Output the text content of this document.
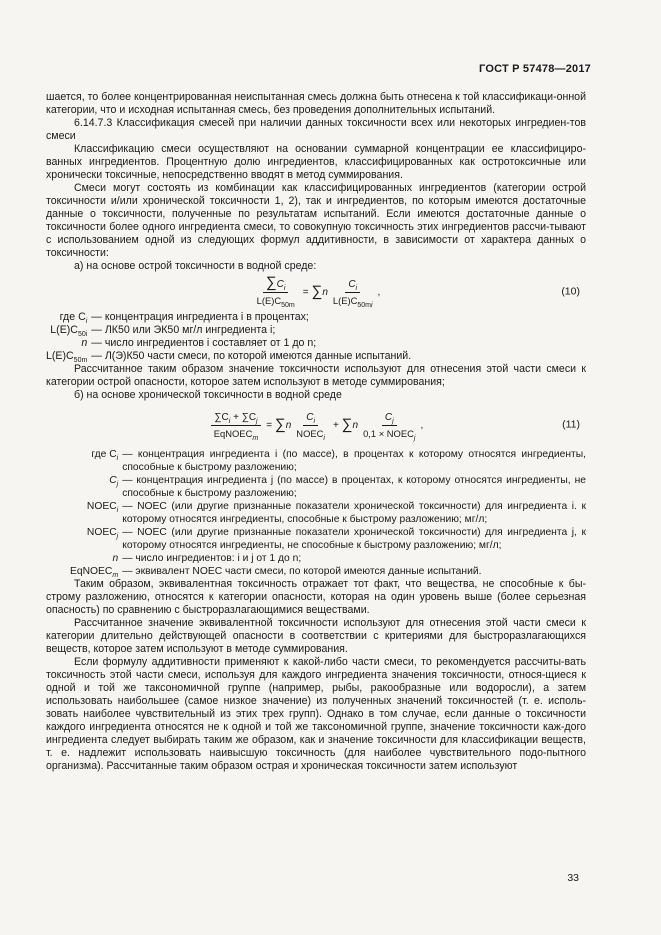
ГОСТ Р 57478—2017

шается, то более концентрированная неиспытанная смесь должна быть отнесена к той классификаци-онной категории, что и исходная испытанная смесь, без проведения дополнительных испытаний.

6.14.7.3 Классификация смесей при наличии данных токсичности всех или некоторых ингредиен-тов смеси

Классификацию смеси осуществляют на основании суммарной концентрации ее классифициро-ванных ингредиентов. Процентную долю ингредиентов, классифицированных как остротоксичные или хронически токсичные, непосредственно вводят в метод суммирования.

Смеси могут состоять из комбинации как классифицированных ингредиентов (категории острой токсичности и/или хронической токсичности 1, 2), так и ингредиентов, по которым имеются достаточные данные о токсичности, полученные по результатам испытаний. Если имеются достаточные данные о токсичности более одного ингредиента смеси, то совокупную токсичность этих ингредиентов рассчи-тывают с использованием одной из следующих формул аддитивности, в зависимости от характера данных о токсичности:

а) на основе острой токсичности в водной среде:

$\frac{\sum C_i}{L(E)C_{50m}}$ = ∑ n $\frac{C_i}{L(E)C_{50mi}}$ ,	(10)
где $C_i$ — концентрация ингредиента i в процентах;
$L(E)C_{50i}$ — ЛК50 или ЭК50 мг/л ингредиента i;
n — число ингредиентов i составляет от 1 до n;
$L(E)C_{50m}$ — Л(Э)К50 части смеси, по которой имеются данные испытаний.

Рассчитанное таким образом значение токсичности используют для отнесения этой части смеси к категории острой опасности, которое затем используют в методе суммирования;

б) на основе хронической токсичности в водной среде

$\frac{\sum C_i + \sum C_j}{EqNOEC_m}$ = ∑ n $\frac{C_i}{NOEC_i}$ + ∑ n $\frac{C_j}{0,1 \times NOEC_j}$ ,	(11)
где $C_i$ — концентрация ингредиента i (по массе), в процентах к которому относятся ингредиенты, способные к быстрому разложению;
$C_j$ — концентрация ингредиента j (по массе) в процентах, к которому относятся ингредиенты, не способные к быстрому разложению;
$NOEC_i$ — NOEC (или другие признанные показатели хронической токсичности) для ингредиента i. к которому относятся ингредиенты, способные к быстрому разложению; мг/л;
$NOEC_j$ — NOEC (или другие признанные показатели хронической токсичности) для ингредиента j, к которому относятся ингредиенты, не способные к быстрому разложению; мг/л;
n — число ингредиентов: i и j от 1 до n;
EqNOEC$_m$ — эквивалент NOEC части смеси, по которой имеются данные испытаний.

Таким образом, эквивалентная токсичность отражает тот факт, что вещества, не способные к бы-строму разложению, относятся к категории опасности, которая на один уровень выше (более серьезная опасность) по сравнению с быстроразлагающимися веществами.

Рассчитанное значение эквивалентной токсичности используют для отнесения этой части смеси к категории длительно действующей опасности в соответствии с критериями для быстроразлагающихся веществ, которое затем используют в методе суммирования.

Если формулу аддитивности применяют к какой-либо части смеси, то рекомендуется рассчиты-вать токсичность этой части смеси, используя для каждого ингредиента значения токсичности, относя-щиеся к одной и той же таксономичной группе (например, рыбы, ракообразные или водоросли), а затем использовать наибольшее (самое низкое значение) из полученных значений токсичностей (т. е. исполь-зовать наиболее чувствительный из этих трех групп). Однако в том случае, если данные о токсичности каждого ингредиента относятся не к одной и той же таксономичной группе, значение токсичности каж-дого ингредиента следует выбирать таким же образом, как и значение токсичности для классификации веществ, т. е. надлежит использовать наивысшую токсичность (для наиболее чувствительного подо-пытного организма). Рассчитанные таким образом острая и хроническая токсичности затем используют

33
